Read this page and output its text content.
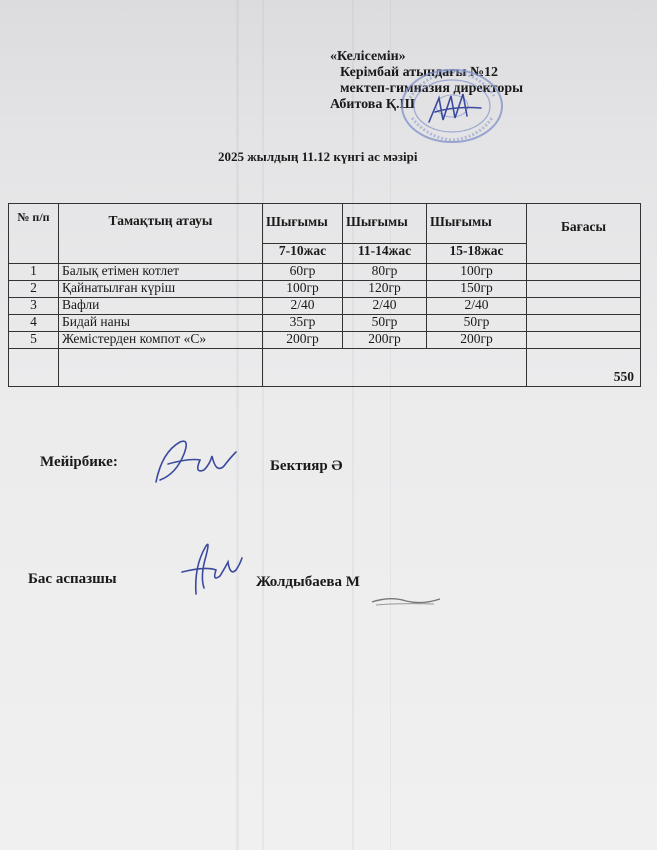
«Келісемін»
Керімбай атындағы №12
мектеп-гимназия директоры
Абитова Қ.Ш
2025 жылдың 11.12 күнгі ас мәзірі
№ п/п	Тамақтың атауы	Шығымы	Шығымы	Шығымы	Бағасы
		7-10жас	11-14жас	15-18жас	
1	Балық етімен котлет	60гр	80гр	100гр	
2	Қайнатылған күріш	100гр	120гр	150гр	
3	Вафли	2/40	2/40	2/40	
4	Бидай наны	35гр	50гр	50гр	
5	Жемістерден компот «С»	200гр	200гр	200гр	
					550
Мейірбике:	Бектияр Ә
Бас аспазшы	Жолдыбаева М
